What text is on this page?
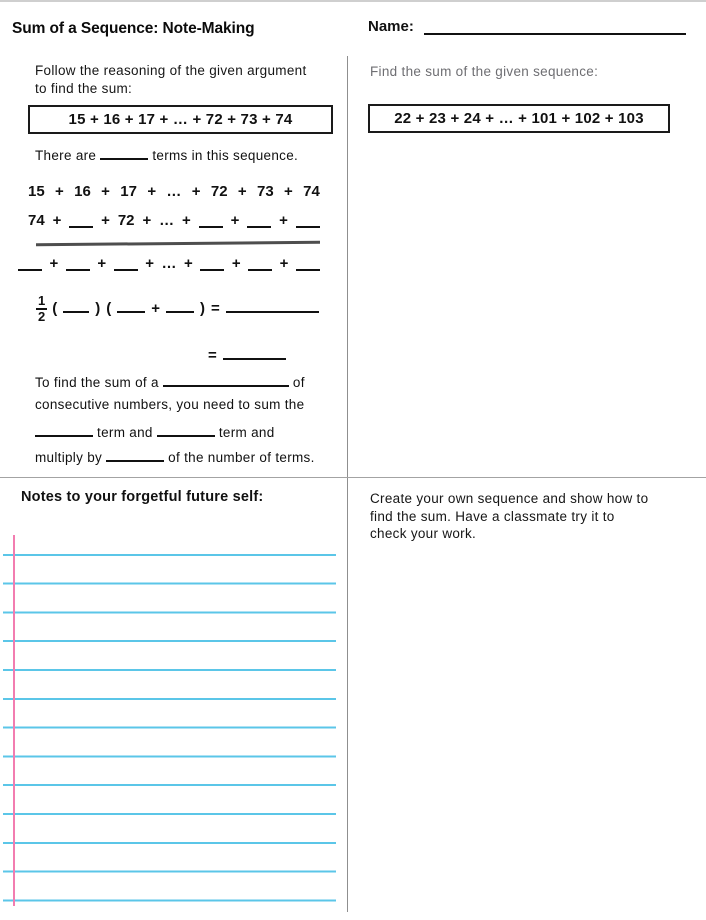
Sum of a Sequence: Note-Making	Name:
Follow the reasoning of the given argument
to find the sum:
15 + 16 + 17 + … + 72 + 73 + 74
There are	terms in this sequence.
15 + 16 + 17 + … + 72 + 73 + 74
74 +	+ 72 + … +	+	+
+	+	+ … +	+	+
$\frac{1}{2}$ (	) (	+	) =
=
To find the sum of a	of
consecutive numbers, you need to sum the
term and	term and
multiply by	of the number of terms.
Find the sum of the given sequence:
22 + 23 + 24 + … + 101 + 102 + 103
Notes to your forgetful future self:	Create your own sequence and show how to
find the sum. Have a classmate try it to
check your work.
